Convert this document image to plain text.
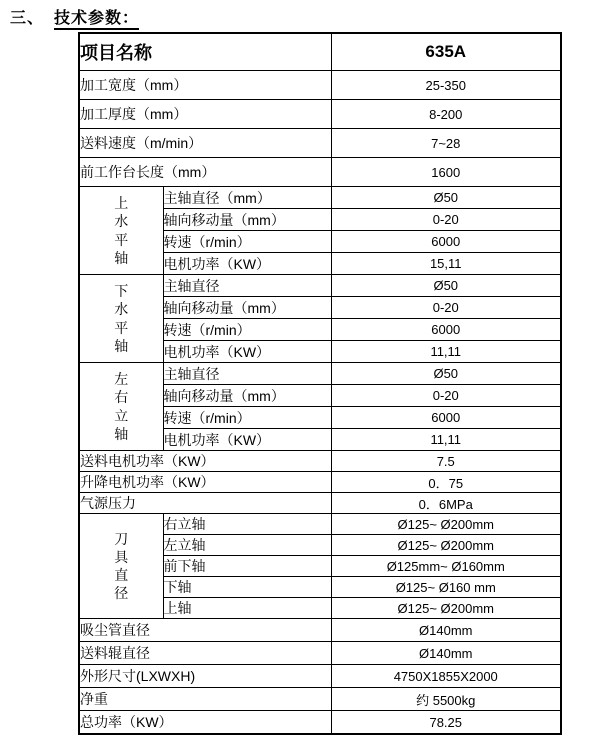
三、 技术参数：
项目名称		635A
加工宽度（mm）		25-350
加工厚度（mm）		8-200
送料速度（m/min）		7~28
前工作台长度（mm）		1600

上水平轴	主轴直径（mm）	Ø50
	轴向移动量（mm）	0-20
	转速（r/min）	6000
	电机功率（KW）	15,11

下水平轴	主轴直径	Ø50
	轴向移动量（mm）	0-20
	转速（r/min）	6000
	电机功率（KW）	11,11

左右立轴	主轴直径	Ø50
	轴向移动量（mm）	0-20
	转速（r/min）	6000
	电机功率（KW）	11,11
送料电机功率（KW）		7.5
升降电机功率（KW）		0．75
气源压力		0．6MPa

刀具直径	右立轴	Ø125~ Ø200mm
	左立轴	Ø125~ Ø200mm
	前下轴	Ø125mm~ Ø160mm
	下轴	Ø125~ Ø160 mm
	上轴	Ø125~ Ø200mm
吸尘管直径		Ø140mm
送料辊直径		Ø140mm
外形尺寸(LXWXH)		4750X1855X2000
净重		约 5500kg
总功率（KW）		78.25
